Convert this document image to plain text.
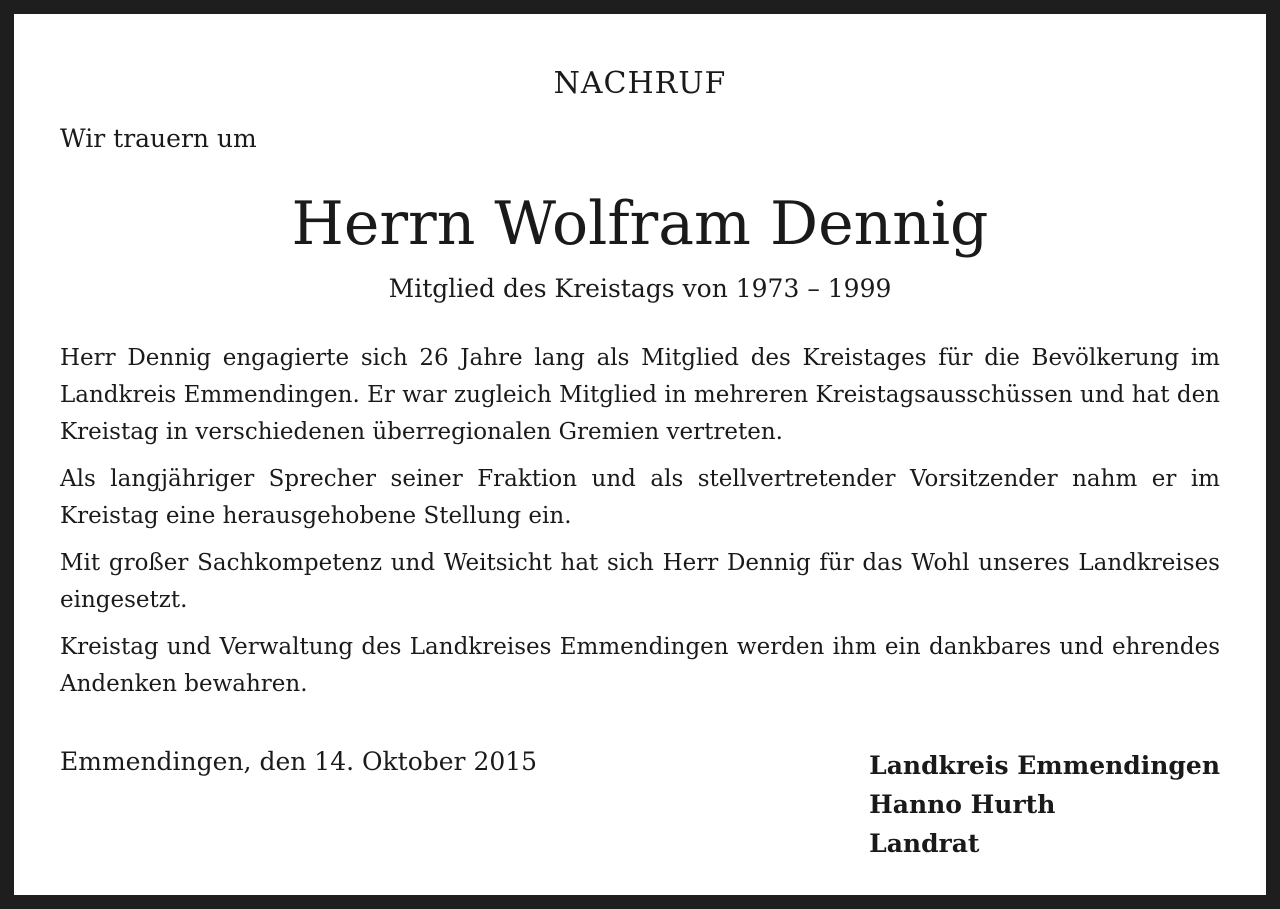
NACHRUF
Wir trauern um
Herrn Wolfram Dennig
Mitglied des Kreistags von 1973 – 1999

Herr Dennig engagierte sich 26 Jahre lang als Mitglied des Kreistages für die Bevölkerung im Landkreis Emmendingen. Er war zugleich Mitglied in mehreren Kreistagsausschüssen und hat den Kreistag in verschiedenen überregionalen Gremien vertreten.

Als langjähriger Sprecher seiner Fraktion und als stellvertretender Vorsitzender nahm er im Kreistag eine herausgehobene Stellung ein.

Mit großer Sachkompetenz und Weitsicht hat sich Herr Dennig für das Wohl unseres Landkreises eingesetzt.

Kreistag und Verwaltung des Landkreises Emmendingen werden ihm ein dankbares und ehrendes Andenken bewahren.

Emmendingen, den 14. Oktober 2015	Landkreis Emmendingen
Hanno Hurth
Landrat
